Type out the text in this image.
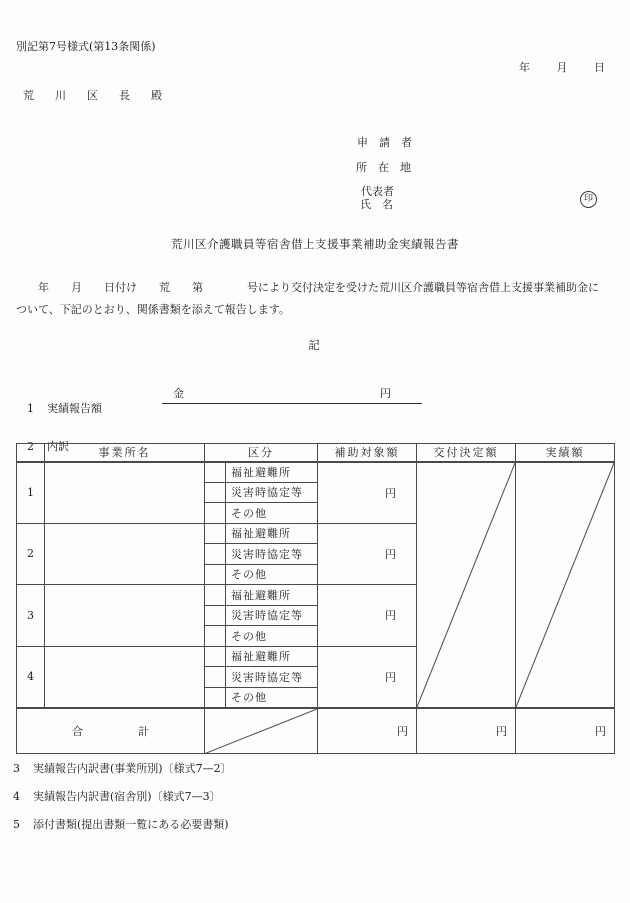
別記第7号様式(第13条関係)
年　　月　　日
荒川区長殿
申　請　者
所　在　地
代表者
氏　名	印
荒川区介護職員等宿舎借上支援事業補助金実績報告書
　　年　　月　　日付け　　荒　　第　　　　号により交付決定を受けた荒川区介護職員等宿舎借上支援事業補助金に
ついて、下記のとおり、関係書類を添えて報告します。
記

1 実績報告額

金	円

2 内訳

		事業所名	区分		補助対象額	交付決定額	実績額
1			福祉避難所	円	

			災害時協定等			
			その他			
2			福祉避難所	円		
			災害時協定等			
			その他			
3			福祉避難所	円		
			災害時協定等			
			その他			
4			福祉避難所	円		
			災害時協定等			
			その他			
合　　　　　計				円	円	円
3 実績報告内訳書(事業所別)〔様式7—2〕
4 実績報告内訳書(宿舎別)〔様式7—3〕
5 添付書類(提出書類一覧にある必要書類)
